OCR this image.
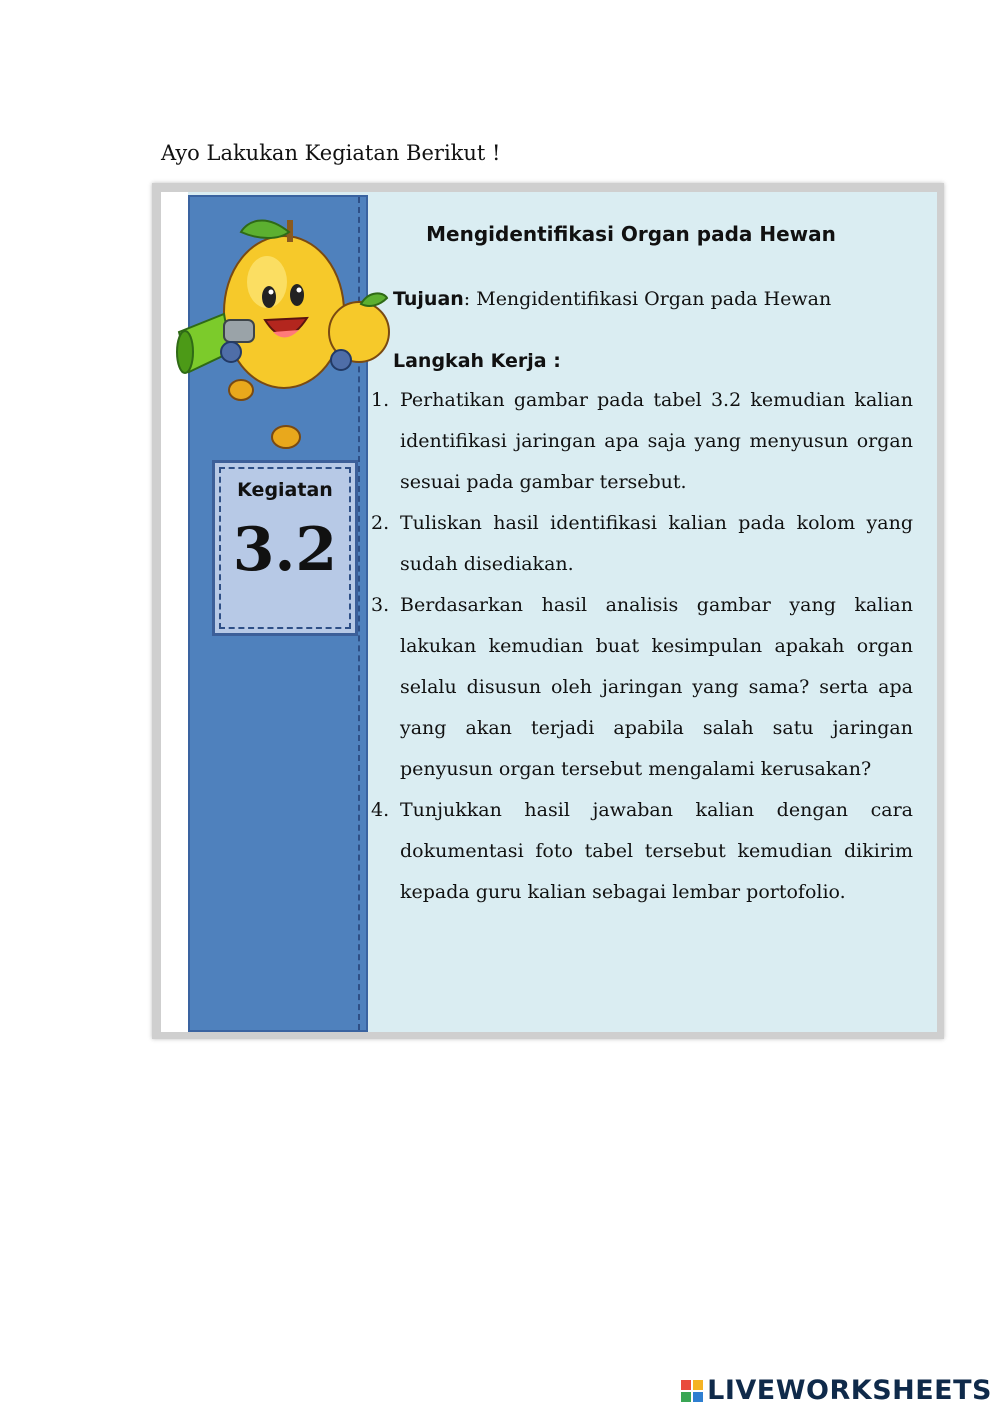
Ayo Lakukan Kegiatan Berikut !
Kegiatan
3.2
Mengidentifikasi Organ pada Hewan
Tujuan: Mengidentifikasi Organ pada Hewan
Langkah Kerja :
1. Perhatikan gambar pada tabel 3.2 kemudian kalian identifikasi jaringan apa saja yang menyusun organ sesuai pada gambar tersebut.
2. Tuliskan hasil identifikasi kalian pada kolom yang sudah disediakan.
3. Berdasarkan hasil analisis gambar yang kalian lakukan kemudian buat kesimpulan apakah organ selalu disusun oleh jaringan yang sama? serta apa yang akan terjadi apabila salah satu jaringan penyusun organ tersebut mengalami kerusakan?
4. Tunjukkan hasil jawaban kalian dengan cara dokumentasi foto tabel tersebut kemudian dikirim kepada guru kalian sebagai lembar portofolio.
LIVEWORKSHEETS
